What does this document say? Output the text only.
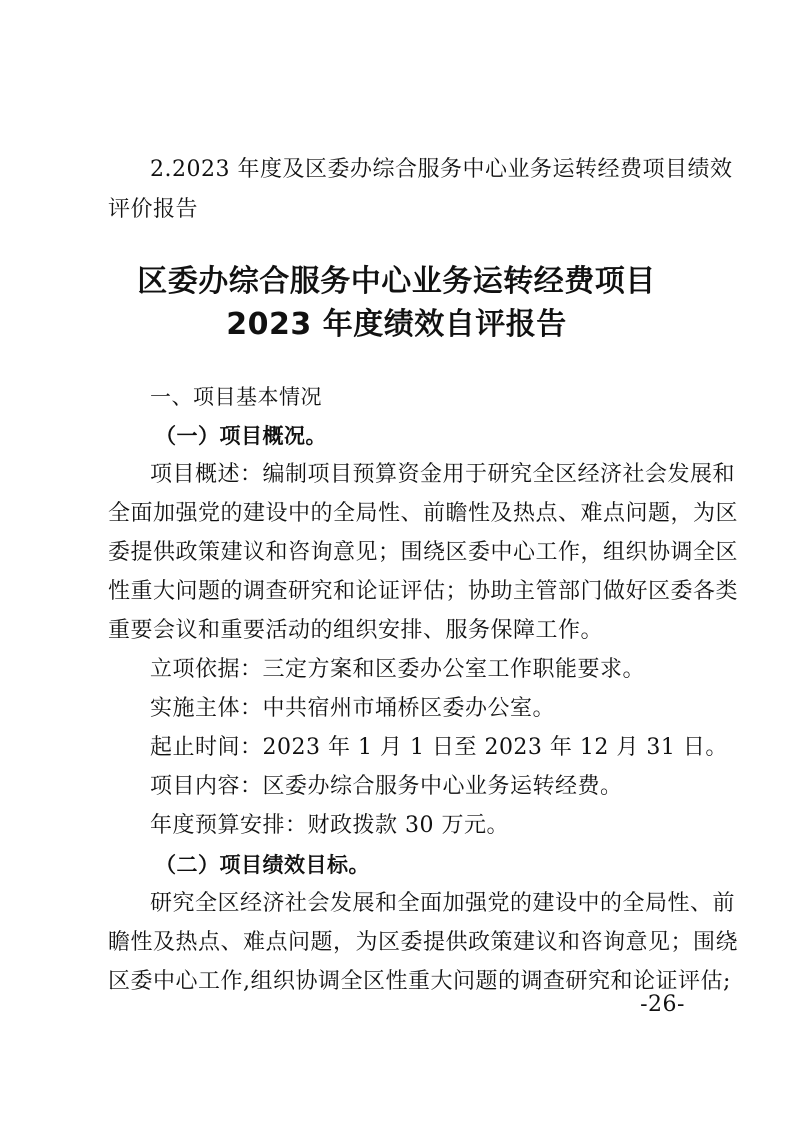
2.2023 年度及区委办综合服务中心业务运转经费项目绩效
评价报告
区委办综合服务中心业务运转经费项目
2023 年度绩效自评报告
一、项目基本情况
（一）项目概况。
项目概述：编制项目预算资金用于研究全区经济社会发展和
全面加强党的建设中的全局性、前瞻性及热点、难点问题，为区
委提供政策建议和咨询意见；围绕区委中心工作，组织协调全区
性重大问题的调查研究和论证评估；协助主管部门做好区委各类
重要会议和重要活动的组织安排、服务保障工作。
立项依据：三定方案和区委办公室工作职能要求。
实施主体：中共宿州市埇桥区委办公室。
起止时间：2023 年 1 月 1 日至 2023 年 12 月 31 日。
项目内容：区委办综合服务中心业务运转经费。
年度预算安排：财政拨款 30 万元。
（二）项目绩效目标。
研究全区经济社会发展和全面加强党的建设中的全局性、前
瞻性及热点、难点问题，为区委提供政策建议和咨询意见；围绕
区委中心工作,组织协调全区性重大问题的调查研究和论证评估;
-26-
